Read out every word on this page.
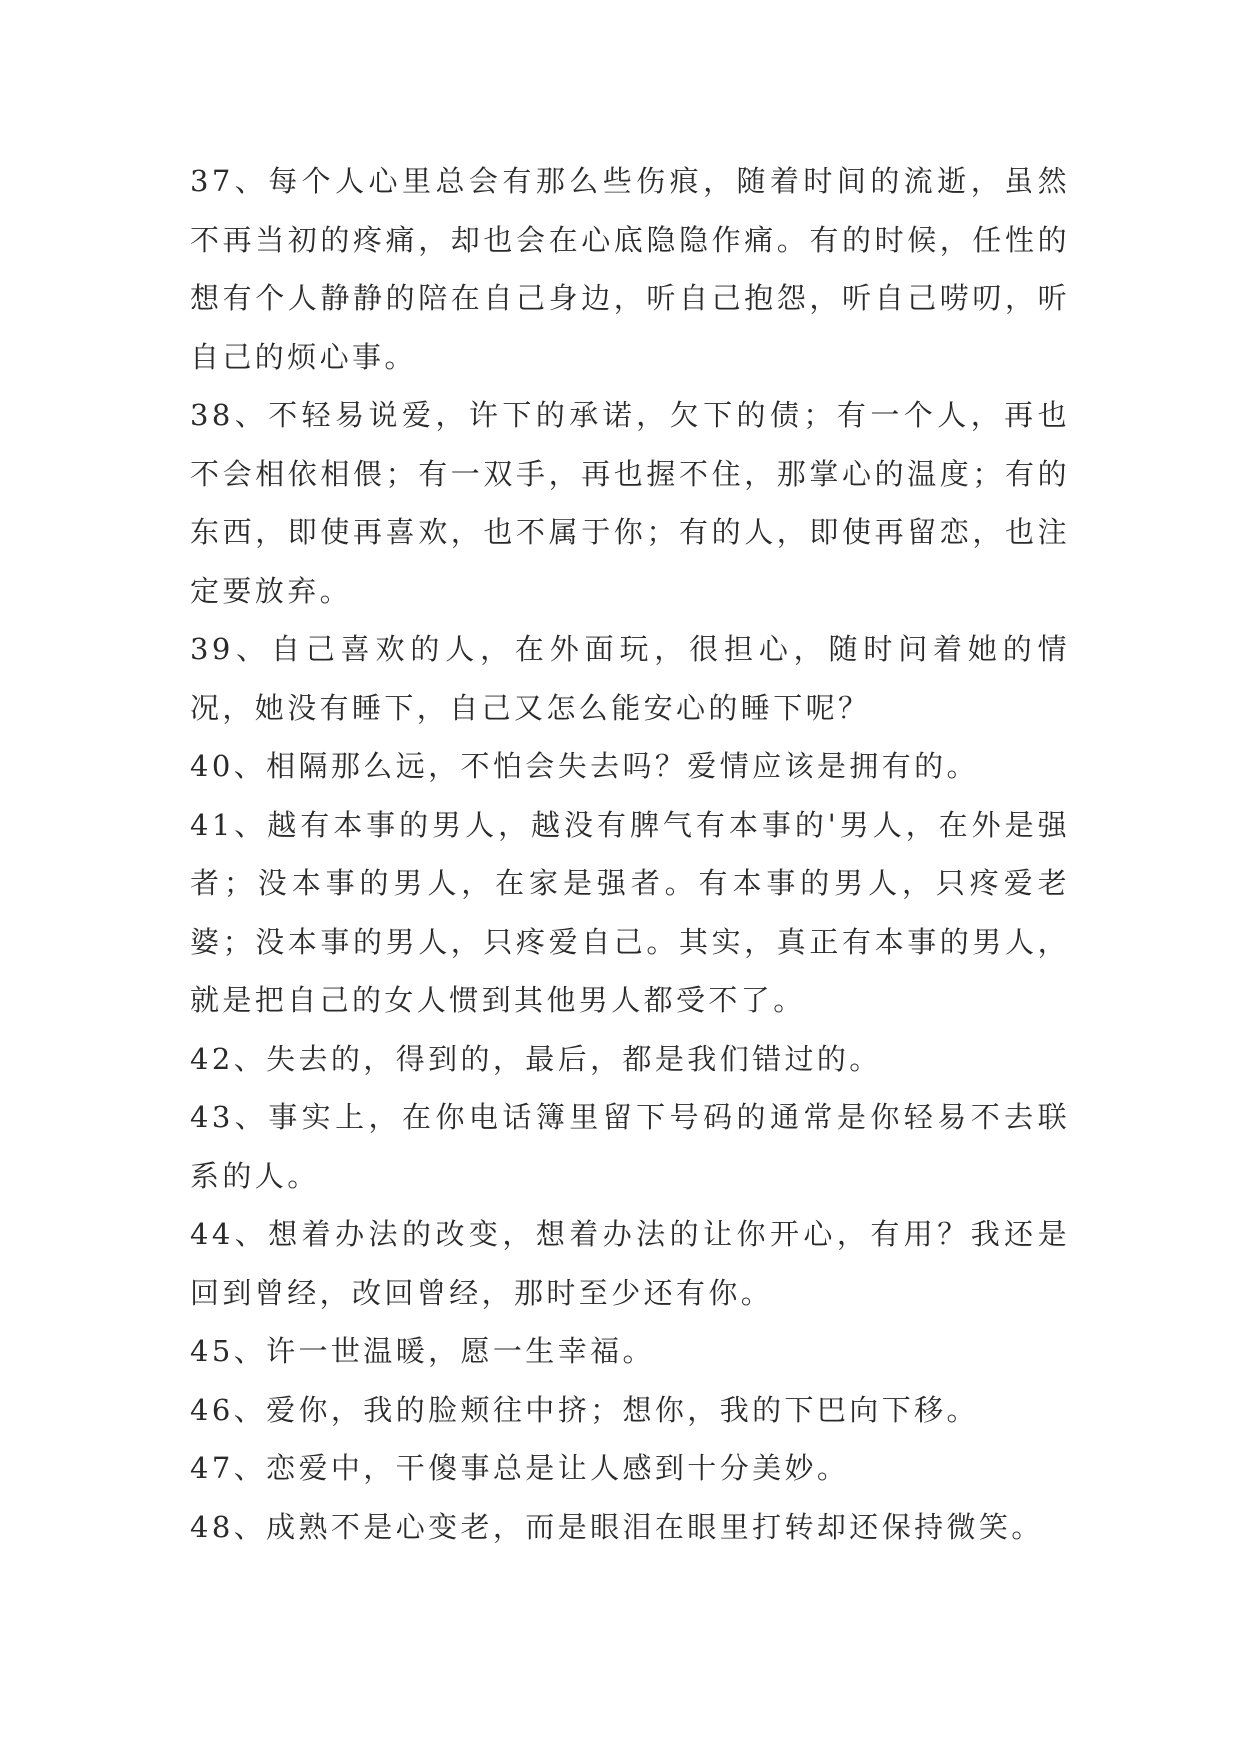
37、每个人心里总会有那么些伤痕，随着时间的流逝，虽然不再当初的疼痛，却也会在心底隐隐作痛。有的时候，任性的想有个人静静的陪在自己身边，听自己抱怨，听自己唠叨，听自己的烦心事。

38、不轻易说爱，许下的承诺，欠下的债；有一个人，再也不会相依相偎；有一双手，再也握不住，那掌心的温度；有的东西，即使再喜欢，也不属于你；有的人，即使再留恋，也注定要放弃。

39、自己喜欢的人，在外面玩，很担心，随时问着她的情况，她没有睡下，自己又怎么能安心的睡下呢？

40、相隔那么远，不怕会失去吗？爱情应该是拥有的。

41、越有本事的男人，越没有脾气有本事的'男人，在外是强者；没本事的男人，在家是强者。有本事的男人，只疼爱老婆；没本事的男人，只疼爱自己。其实，真正有本事的男人，就是把自己的女人惯到其他男人都受不了。

42、失去的，得到的，最后，都是我们错过的。

43、事实上，在你电话簿里留下号码的通常是你轻易不去联系的人。

44、想着办法的改变，想着办法的让你开心，有用？我还是回到曾经，改回曾经，那时至少还有你。

45、许一世温暖，愿一生幸福。

46、爱你，我的脸颊往中挤；想你，我的下巴向下移。

47、恋爱中，干傻事总是让人感到十分美妙。

48、成熟不是心变老，而是眼泪在眼里打转却还保持微笑。
